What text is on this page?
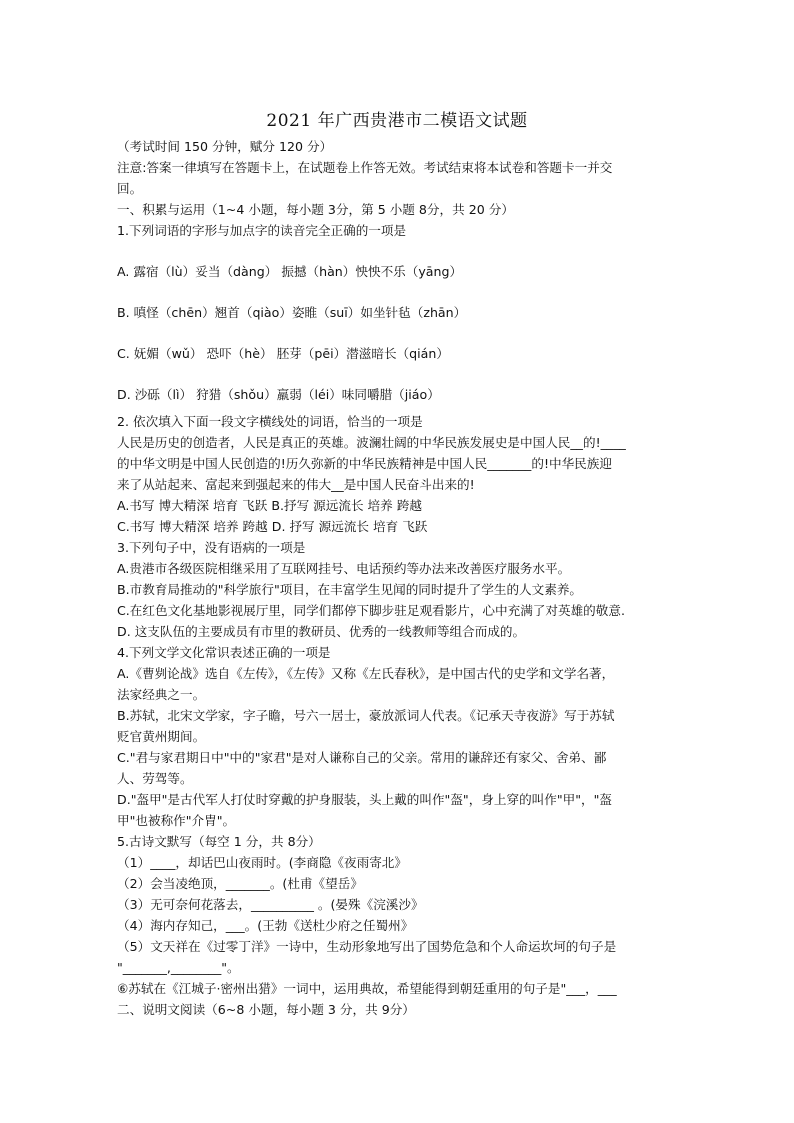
2021 年广西贵港市二模语文试题
（考试时间 150 分钟，赋分 120 分）
注意:答案一律填写在答题卡上，在试题卷上作答无效。考试结束将本试卷和答题卡一并交
回。
一、积累与运用（1~4 小题，每小题 3分，第 5 小题 8分，共 20 分）
1.下列词语的字形与加点字的读音完全正确的一项是
A. 露宿（lù）妥当（dàng） 振撼（hàn）怏怏不乐（yāng）
B. 嗔怪（chēn）翘首（qiào）姿睢（suī）如坐针毡（zhān）
C. 妩媚（wǔ） 恐吓（hè） 胚芽（pēi）潜滋暗长（qián）
D. 沙砾（lì） 狩猎（shǒu）羸弱（léi）味同嚼腊（jiáo）
2. 依次填入下面一段文字横线处的词语，恰当的一项是
人民是历史的创造者，人民是真正的英雄。波澜壮阔的中华民族发展史是中国人民__的!____
的中华文明是中国人民创造的!历久弥新的中华民族精神是中国人民_______的!中华民族迎
来了从站起来、富起来到强起来的伟大__是中国人民奋斗出来的!
A.书写 博大精深 培育 飞跃 B.抒写 源远流长 培养 跨越
C.书写 博大精深 培养 跨越 D. 抒写 源远流长 培育 飞跃
3.下列句子中，没有语病的一项是
A.贵港市各级医院相继采用了互联网挂号、电话预约等办法来改善医疗服务水平。
B.市教育局推动的"科学旅行"项目，在丰富学生见闻的同时提升了学生的人文素养。
C.在红色文化基地影视展厅里，同学们都停下脚步驻足观看影片，心中充满了对英雄的敬意.
D. 这支队伍的主要成员有市里的教研员、优秀的一线教师等组合而成的。
4.下列文学文化常识表述正确的一项是
A.《曹刿论战》选自《左传》，《左传》又称《左氏春秋》，是中国古代的史学和文学名著，
法家经典之一。
B.苏轼，北宋文学家，字子瞻，号六一居士，豪放派词人代表。《记承天寺夜游》写于苏轼
贬官黄州期间。
C."君与家君期日中"中的"家君"是对人谦称自己的父亲。常用的谦辞还有家父、舍弟、鄙
人、劳驾等。
D."盔甲"是古代军人打仗时穿戴的护身服装，头上戴的叫作"盔"，身上穿的叫作"甲"，"盔
甲"也被称作"介胄"。
5.古诗文默写（每空 1 分，共 8分）
（1）____，却话巴山夜雨时。(李商隐《夜雨寄北》
（2）会当凌绝顶，_______。(杜甫《望岳》
（3）无可奈何花落去，__________ 。(晏殊《浣溪沙》
（4）海内存知己，___。(王勃《送杜少府之任蜀州》
（5）文天祥在《过零丁洋》一诗中，生动形象地写出了国势危急和个人命运坎坷的句子是
"_______,________"。
⑥苏轼在《江城子·密州出猎》一词中，运用典故，希望能得到朝廷重用的句子是"___，___
二、说明文阅读（6~8 小题，每小题 3 分，共 9分）
